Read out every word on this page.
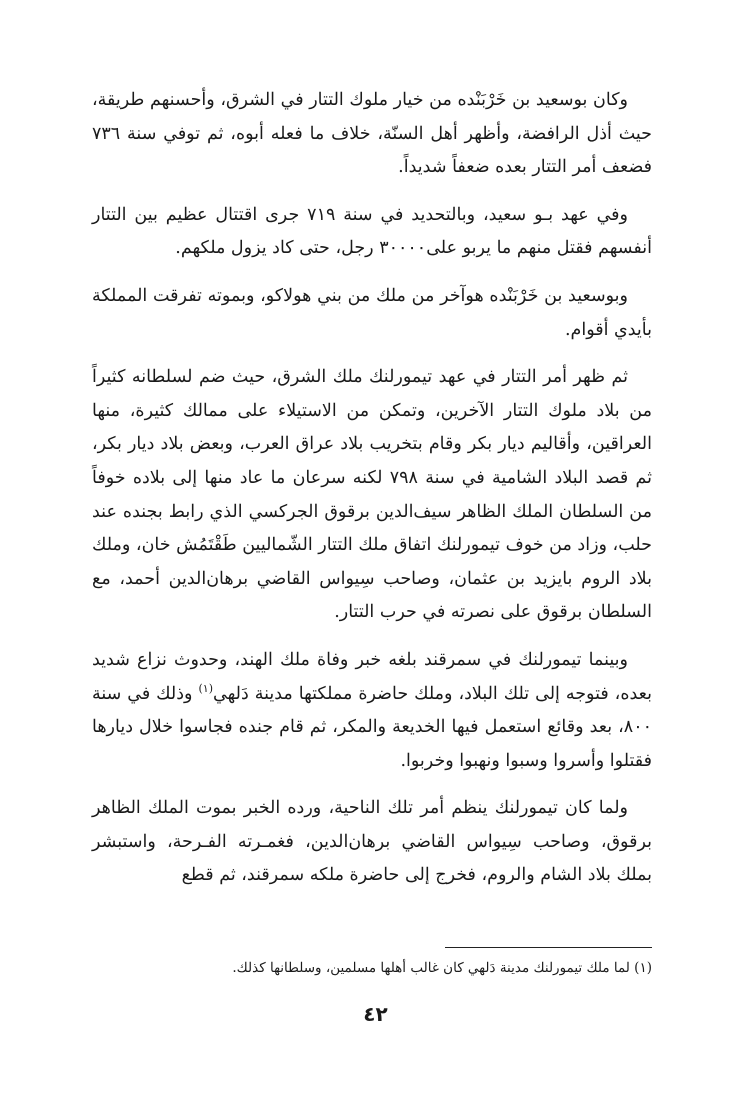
وكان بوسعيد بن خَرْبَنْده من خيار ملوك التتار في الشرق، وأحسنهم طريقة، حيث أذل الرافضة، وأظهر أهل السنّة، خلاف ما فعله أبوه، ثم توفي سنة ٧٣٦ فضعف أمر التتار بعده ضعفاً شديداً.

وفي عهد بـو سعيد، وبالتحديد في سنة ٧١٩ جرى اقتتال عظيم بين التتار أنفسهم فقتل منهم ما يربو على٣٠٠٠٠ رجل، حتى كاد يزول ملكهم.

وبوسعيد بن خَرْبَنْده هوآخر من ملك من بني هولاكو، وبموته تفرقت المملكة بأيدي أقوام.

ثم ظهر أمر التتار في عهد تيمورلنك ملك الشرق، حيث ضم لسلطانه كثيراً من بلاد ملوك التتار الآخرين، وتمكن من الاستيلاء على ممالك كثيرة، منها العراقين، وأقاليم ديار بكر وقام بتخريب بلاد عراق العرب، وبعض بلاد ديار بكر، ثم قصد البلاد الشامية في سنة ٧٩٨ لكنه سرعان ما عاد منها إلى بلاده خوفاً من السلطان الملك الظاهر سيف‌الدين برقوق الجركسي الذي رابط بجنده عند حلب، وزاد من خوف تيمورلنك اتفاق ملك التتار الشّماليين طَقْتَمُش خان، وملك بلاد الروم بايزيد بن عثمان، وصاحب سِيواس القاضي برهان‌الدين أحمد، مع السلطان برقوق على نصرته في حرب التتار.

وبينما تيمورلنك في سمرقند بلغه خبر وفاة ملك الهند، وحدوث نزاع شديد بعده، فتوجه إلى تلك البلاد، وملك حاضرة مملكتها مدينة دَلهي$^{(١)}$ وذلك في سنة ٨٠٠، بعد وقائع استعمل فيها الخديعة والمكر، ثم قام جنده فجاسوا خلال ديارها فقتلوا وأسروا وسبوا ونهبوا وخربوا.

ولما كان تيمورلنك ينظم أمر تلك الناحية، ورده الخبر بموت الملك الظاهر برقوق، وصاحب سِيواس القاضي برهان‌الدين، فغمـرته الفـرحة، واستبشر بملك بلاد الشام والروم، فخرج إلى حاضرة ملكه سمرقند، ثم قطع

(١) لما ملك تيمورلنك مدينة دَلهي كان غالب أهلها مسلمين، وسلطانها كذلك.
٤٢
